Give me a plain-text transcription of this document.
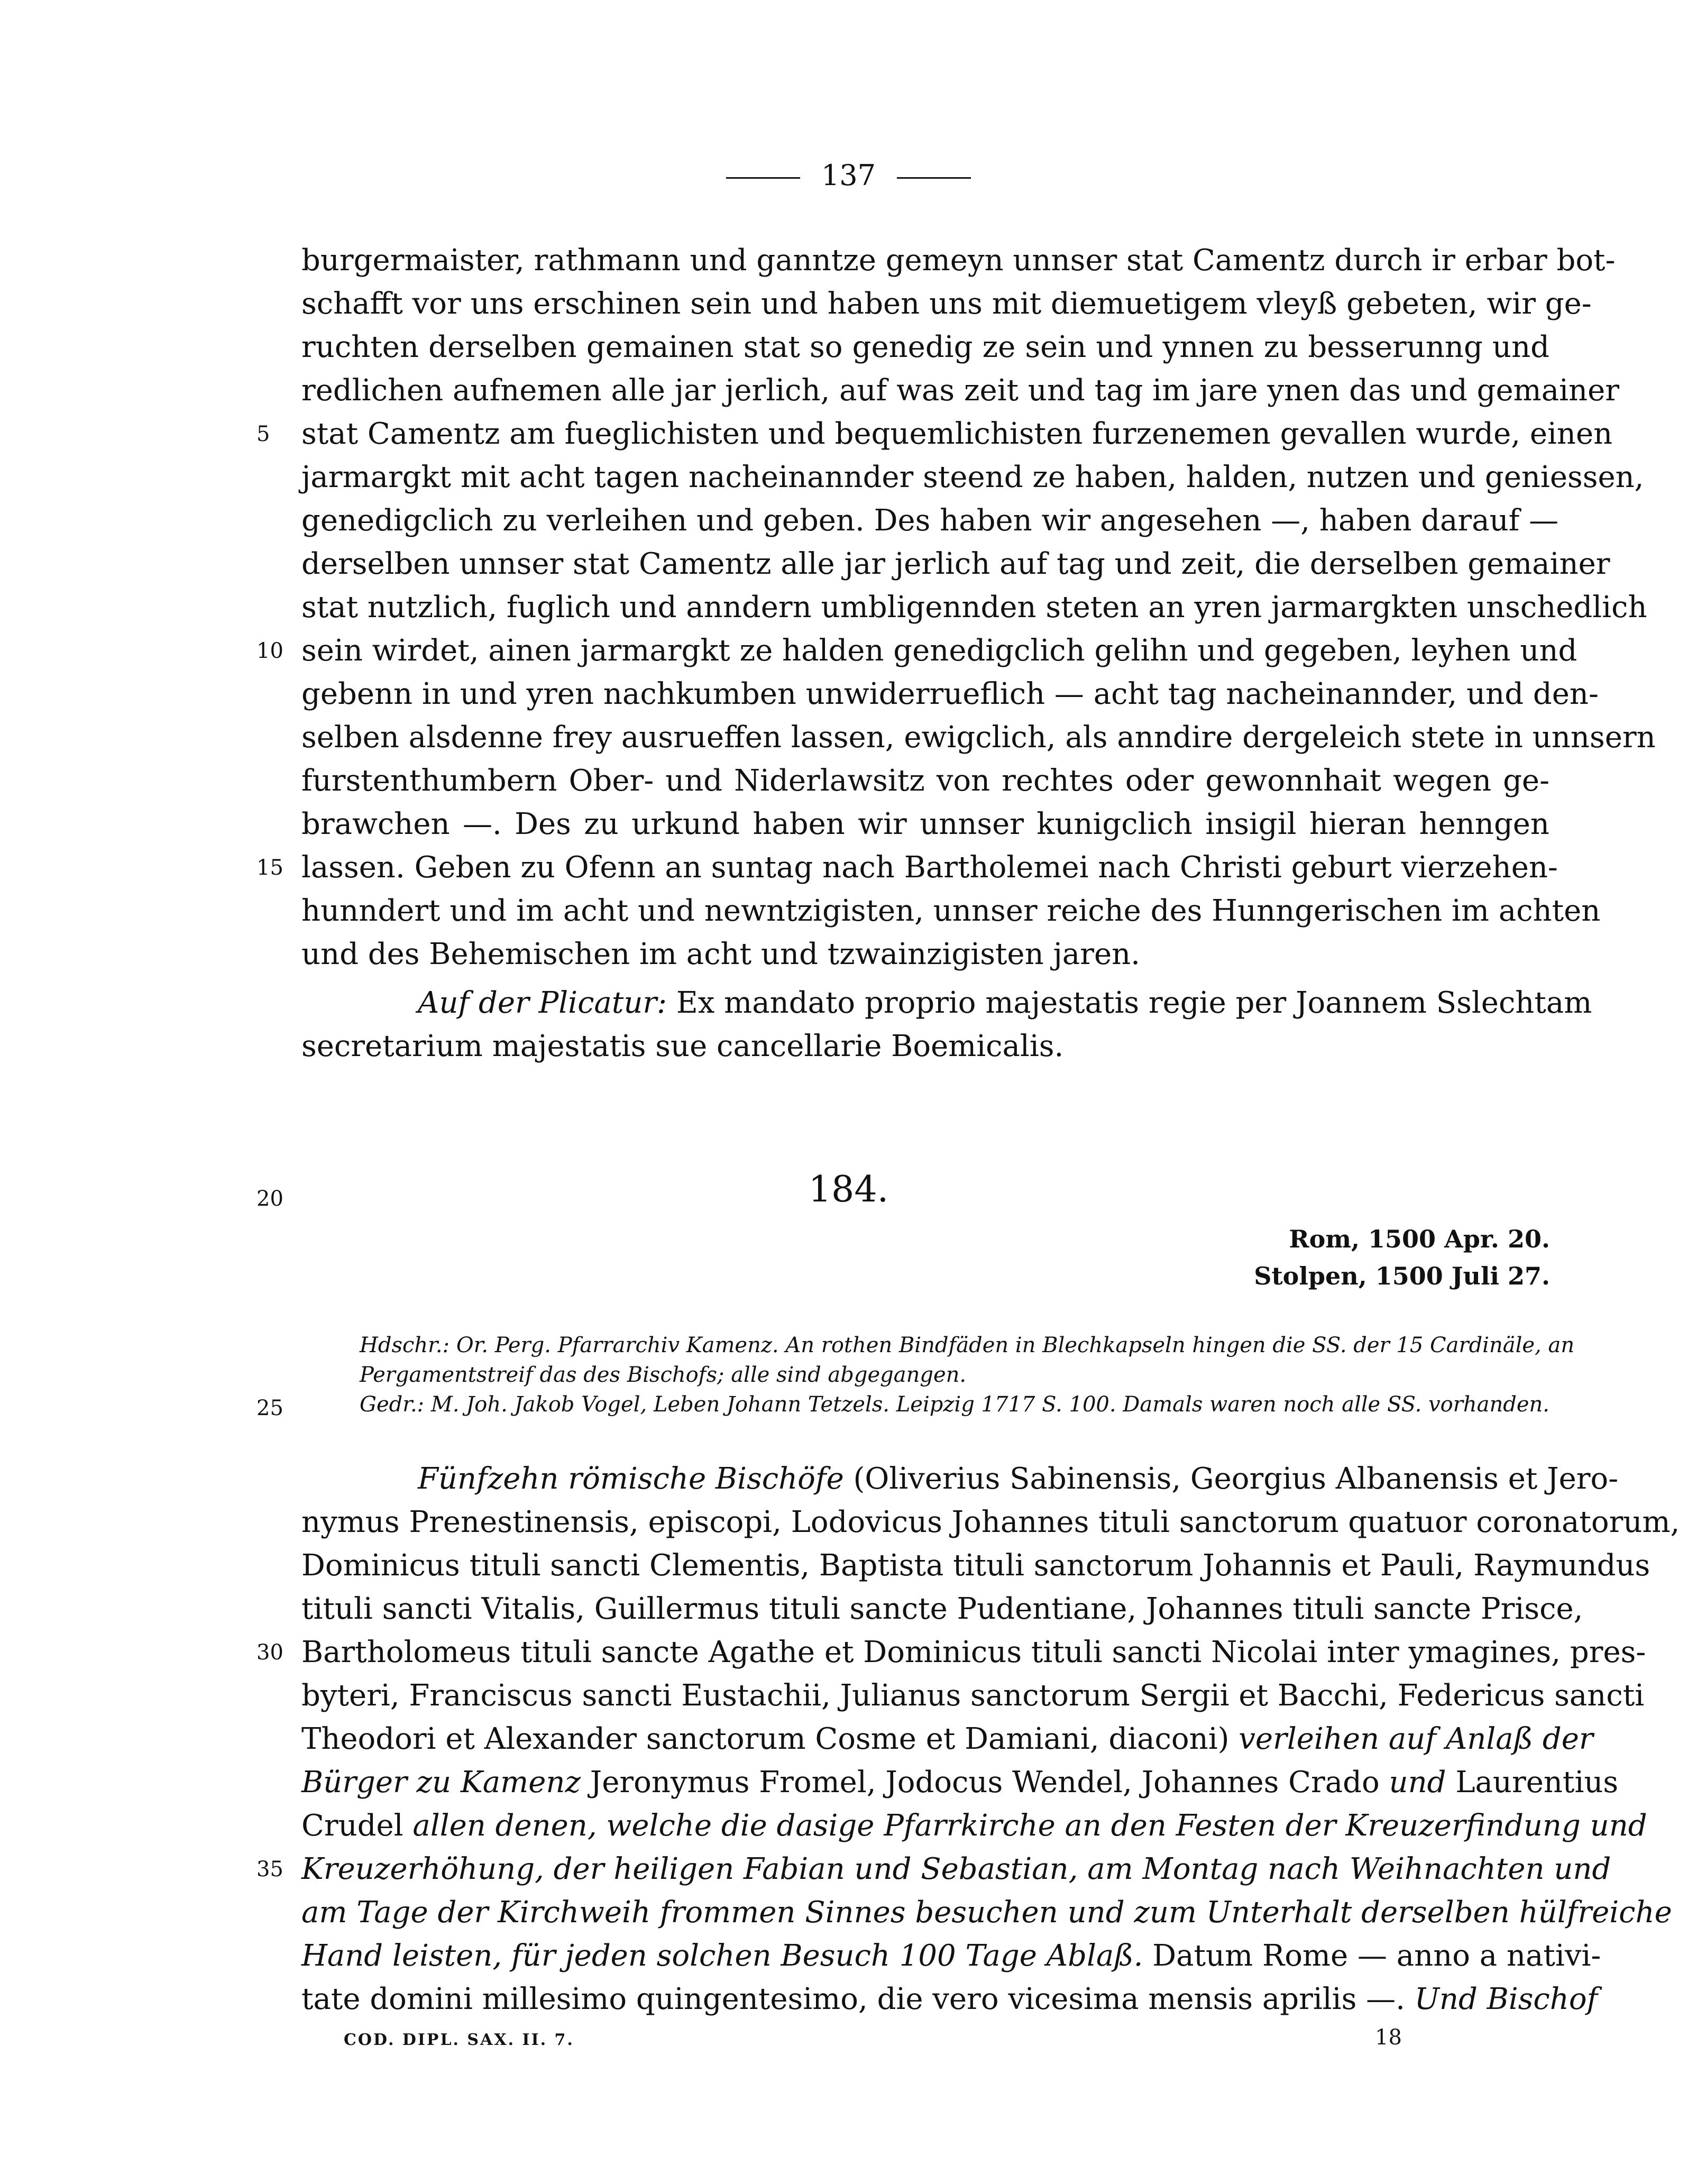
137
burgermaister, rathmann und ganntze gemeyn unnser stat Camentz durch ir erbar bot-
schafft vor uns erschinen sein und haben uns mit diemuetigem vleyß gebeten, wir ge-
ruchten derselben gemainen stat so genedig ze sein und ynnen zu besserunng und
redlichen aufnemen alle jar jerlich, auf was zeit und tag im jare ynen das und gemainer
stat Camentz am fueglichisten und bequemlichisten furzenemen gevallen wurde, einen
jarmargkt mit acht tagen nacheinannder steend ze haben, halden, nutzen und geniessen,
genedigclich zu verleihen und geben. Des haben wir angesehen —, haben darauf —
derselben unnser stat Camentz alle jar jerlich auf tag und zeit, die derselben gemainer
stat nutzlich, fuglich und anndern umbligennden steten an yren jarmargkten unschedlich
sein wirdet, ainen jarmargkt ze halden genedigclich gelihn und gegeben, leyhen und
gebenn in und yren nachkumben unwiderrueflich — acht tag nacheinannder, und den-
selben alsdenne frey ausrueffen lassen, ewigclich, als anndire dergeleich stete in unnsern
furstenthumbern Ober- und Niderlawsitz von rechtes oder gewonnhait wegen ge-
brawchen —. Des zu urkund haben wir unnser kunigclich insigil hieran henngen
lassen. Geben zu Ofenn an suntag nach Bartholemei nach Christi geburt vierzehen-
hunndert und im acht und newntzigisten, unnser reiche des Hunngerischen im achten
und des Behemischen im acht und tzwainzigisten jaren.
Auf der Plicatur: Ex mandato proprio majestatis regie per Joannem Sslechtam
secretarium majestatis sue cancellarie Boemicalis.
5
10
15
20
25
30
35
184.
Rom, 1500 Apr. 20.
Stolpen, 1500 Juli 27.
Hdschr.: Or. Perg. Pfarrarchiv Kamenz. An rothen Bindfäden in Blechkapseln hingen die SS. der 15 Cardinäle, an
Pergamentstreif das des Bischofs; alle sind abgegangen.
Gedr.: M. Joh. Jakob Vogel, Leben Johann Tetzels. Leipzig 1717 S. 100. Damals waren noch alle SS. vorhanden.
Fünfzehn römische Bischöfe (Oliverius Sabinensis, Georgius Albanensis et Jero-
nymus Prenestinensis, episcopi, Lodovicus Johannes tituli sanctorum quatuor coronatorum,
Dominicus tituli sancti Clementis, Baptista tituli sanctorum Johannis et Pauli, Raymundus
tituli sancti Vitalis, Guillermus tituli sancte Pudentiane, Johannes tituli sancte Prisce,
Bartholomeus tituli sancte Agathe et Dominicus tituli sancti Nicolai inter ymagines, pres-
byteri, Franciscus sancti Eustachii, Julianus sanctorum Sergii et Bacchi, Federicus sancti
Theodori et Alexander sanctorum Cosme et Damiani, diaconi) verleihen auf Anlaß der
Bürger zu Kamenz Jeronymus Fromel, Jodocus Wendel, Johannes Crado und Laurentius
Crudel allen denen, welche die dasige Pfarrkirche an den Festen der Kreuzerfindung und
Kreuzerhöhung, der heiligen Fabian und Sebastian, am Montag nach Weihnachten und
am Tage der Kirchweih frommen Sinnes besuchen und zum Unterhalt derselben hülfreiche
Hand leisten, für jeden solchen Besuch 100 Tage Ablaß. Datum Rome — anno a nativi-
tate domini millesimo quingentesimo, die vero vicesima mensis aprilis —. Und Bischof
COD. DIPL. SAX. II. 7.	18
